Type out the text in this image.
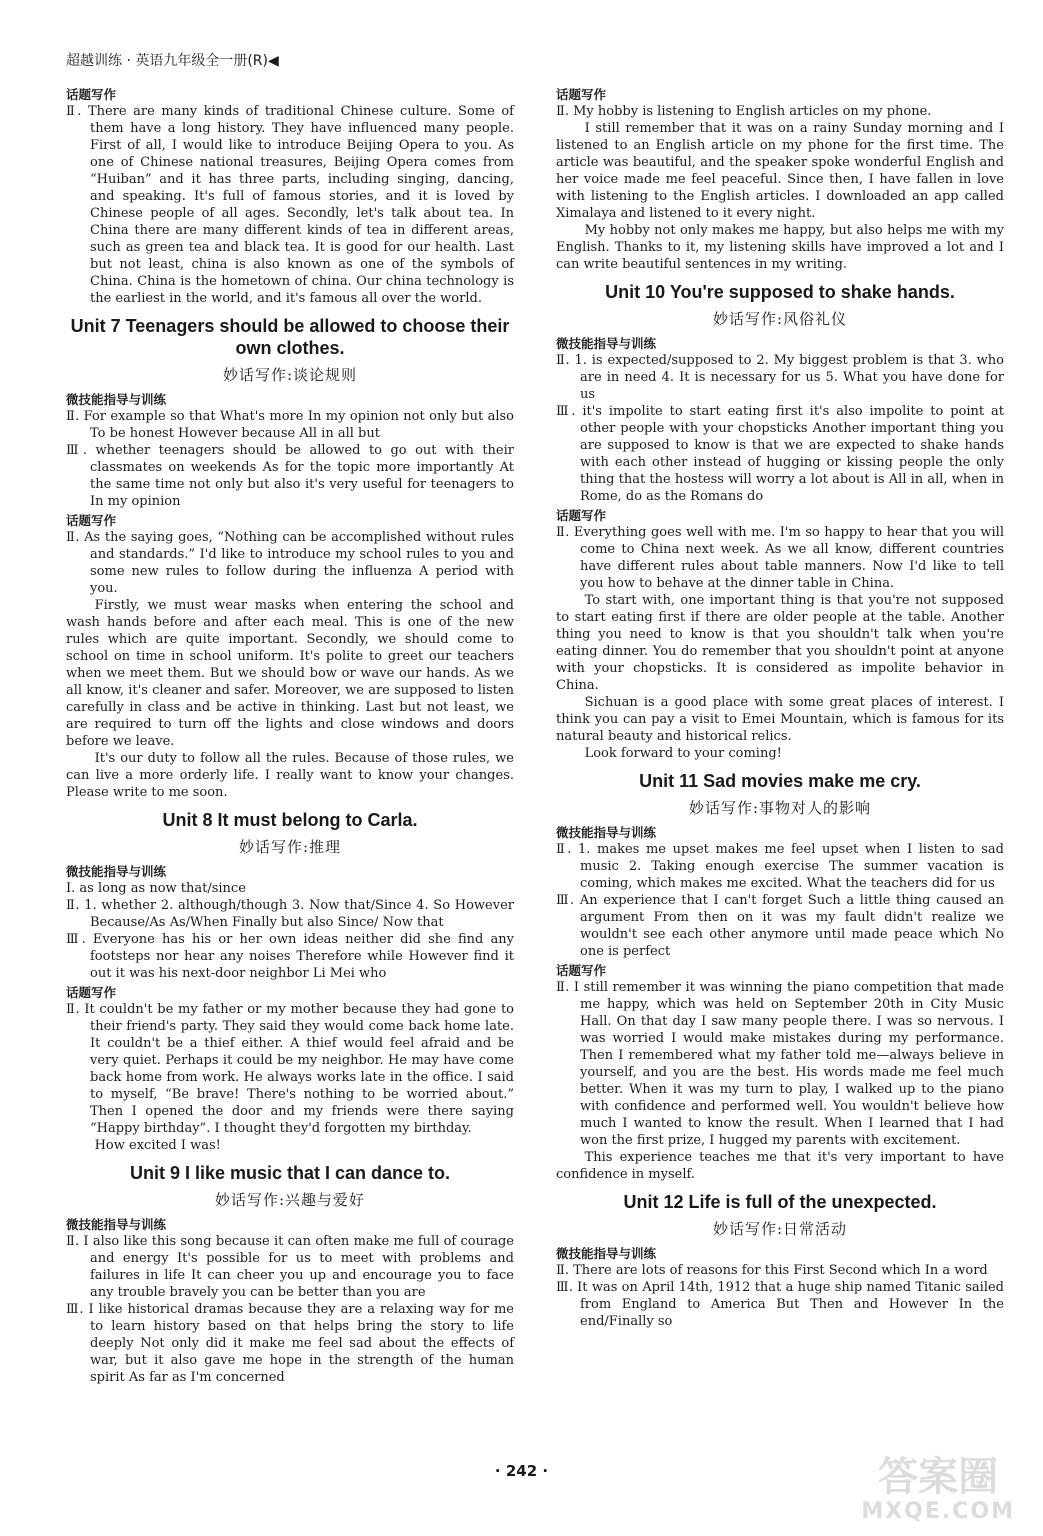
超越训练 · 英语九年级全一册(R)◀
话题写作

Ⅱ. There are many kinds of traditional Chinese culture. Some of them have a long history. They have influenced many people. First of all, I would like to introduce Beijing Opera to you. As one of Chinese national treasures, Beijing Opera comes from “Huiban” and it has three parts, including singing, dancing, and speaking. It's full of famous stories, and it is loved by Chinese people of all ages. Secondly, let's talk about tea. In China there are many different kinds of tea in different areas, such as green tea and black tea. It is good for our health. Last but not least, china is also known as one of the symbols of China. China is the hometown of china. Our china technology is the earliest in the world, and it's famous all over the world.

Unit 7 Teenagers should be allowed to choose their own clothes.
妙话写作:谈论规则
微技能指导与训练

Ⅱ. For example so that What's more In my opinion not only but also To be honest However because All in all but

Ⅲ. whether teenagers should be allowed to go out with their classmates on weekends As for the topic more importantly At the same time not only but also it's very useful for teenagers to In my opinion

话题写作

Ⅱ. As the saying goes, “Nothing can be accomplished without rules and standards.” I'd like to introduce my school rules to you and some new rules to follow during the influenza A period with you.

Firstly, we must wear masks when entering the school and wash hands before and after each meal. This is one of the new rules which are quite important. Secondly, we should come to school on time in school uniform. It's polite to greet our teachers when we meet them. But we should bow or wave our hands. As we all know, it's cleaner and safer. Moreover, we are supposed to listen carefully in class and be active in thinking. Last but not least, we are required to turn off the lights and close windows and doors before we leave.

It's our duty to follow all the rules. Because of those rules, we can live a more orderly life. I really want to know your changes. Please write to me soon.

Unit 8 It must belong to Carla.
妙话写作:推理
微技能指导与训练

Ⅰ. as long as now that/since

Ⅱ. 1. whether 2. although/though 3. Now that/Since 4. So However Because/As As/When Finally but also Since/ Now that

Ⅲ. Everyone has his or her own ideas neither did she find any footsteps nor hear any noises Therefore while However find it out it was his next-door neighbor Li Mei who

话题写作

Ⅱ. It couldn't be my father or my mother because they had gone to their friend's party. They said they would come back home late. It couldn't be a thief either. A thief would feel afraid and be very quiet. Perhaps it could be my neighbor. He may have come back home from work. He always works late in the office. I said to myself, “Be brave! There's nothing to be worried about.” Then I opened the door and my friends were there saying “Happy birthday”. I thought they'd forgotten my birthday.

How excited I was!

Unit 9 I like music that I can dance to.
妙话写作:兴趣与爱好
微技能指导与训练

Ⅱ. I also like this song because it can often make me full of courage and energy It's possible for us to meet with problems and failures in life It can cheer you up and encourage you to face any trouble bravely you can be better than you are

Ⅲ. I like historical dramas because they are a relaxing way for me to learn history based on that helps bring the story to life deeply Not only did it make me feel sad about the effects of war, but it also gave me hope in the strength of the human spirit As far as I'm concerned

话题写作

Ⅱ. My hobby is listening to English articles on my phone.

I still remember that it was on a rainy Sunday morning and I listened to an English article on my phone for the first time. The article was beautiful, and the speaker spoke wonderful English and her voice made me feel peaceful. Since then, I have fallen in love with listening to the English articles. I downloaded an app called Ximalaya and listened to it every night.

My hobby not only makes me happy, but also helps me with my English. Thanks to it, my listening skills have improved a lot and I can write beautiful sentences in my writing.

Unit 10 You're supposed to shake hands.
妙话写作:风俗礼仪
微技能指导与训练

Ⅱ. 1. is expected/supposed to 2. My biggest problem is that 3. who are in need 4. It is necessary for us 5. What you have done for us

Ⅲ. it's impolite to start eating first it's also impolite to point at other people with your chopsticks Another important thing you are supposed to know is that we are expected to shake hands with each other instead of hugging or kissing people the only thing that the hostess will worry a lot about is All in all, when in Rome, do as the Romans do

话题写作

Ⅱ. Everything goes well with me. I'm so happy to hear that you will come to China next week. As we all know, different countries have different rules about table manners. Now I'd like to tell you how to behave at the dinner table in China.

To start with, one important thing is that you're not supposed to start eating first if there are older people at the table. Another thing you need to know is that you shouldn't talk when you're eating dinner. You do remember that you shouldn't point at anyone with your chopsticks. It is considered as impolite behavior in China.

Sichuan is a good place with some great places of interest. I think you can pay a visit to Emei Mountain, which is famous for its natural beauty and historical relics.

Look forward to your coming!

Unit 11 Sad movies make me cry.
妙话写作:事物对人的影响
微技能指导与训练

Ⅱ. 1. makes me upset makes me feel upset when I listen to sad music 2. Taking enough exercise The summer vacation is coming, which makes me excited. What the teachers did for us

Ⅲ. An experience that I can't forget Such a little thing caused an argument From then on it was my fault didn't realize we wouldn't see each other anymore until made peace which No one is perfect

话题写作

Ⅱ. I still remember it was winning the piano competition that made me happy, which was held on September 20th in City Music Hall. On that day I saw many people there. I was so nervous. I was worried I would make mistakes during my performance. Then I remembered what my father told me—always believe in yourself, and you are the best. His words made me feel much better. When it was my turn to play, I walked up to the piano with confidence and performed well. You wouldn't believe how much I wanted to know the result. When I learned that I had won the first prize, I hugged my parents with excitement.

This experience teaches me that it's very important to have confidence in myself.

Unit 12 Life is full of the unexpected.
妙话写作:日常活动
微技能指导与训练

Ⅱ. There are lots of reasons for this First Second which In a word

Ⅲ. It was on April 14th, 1912 that a huge ship named Titanic sailed from England to America But Then and However In the end/Finally so

· 242 ·	答案圈
MXQE.COM
